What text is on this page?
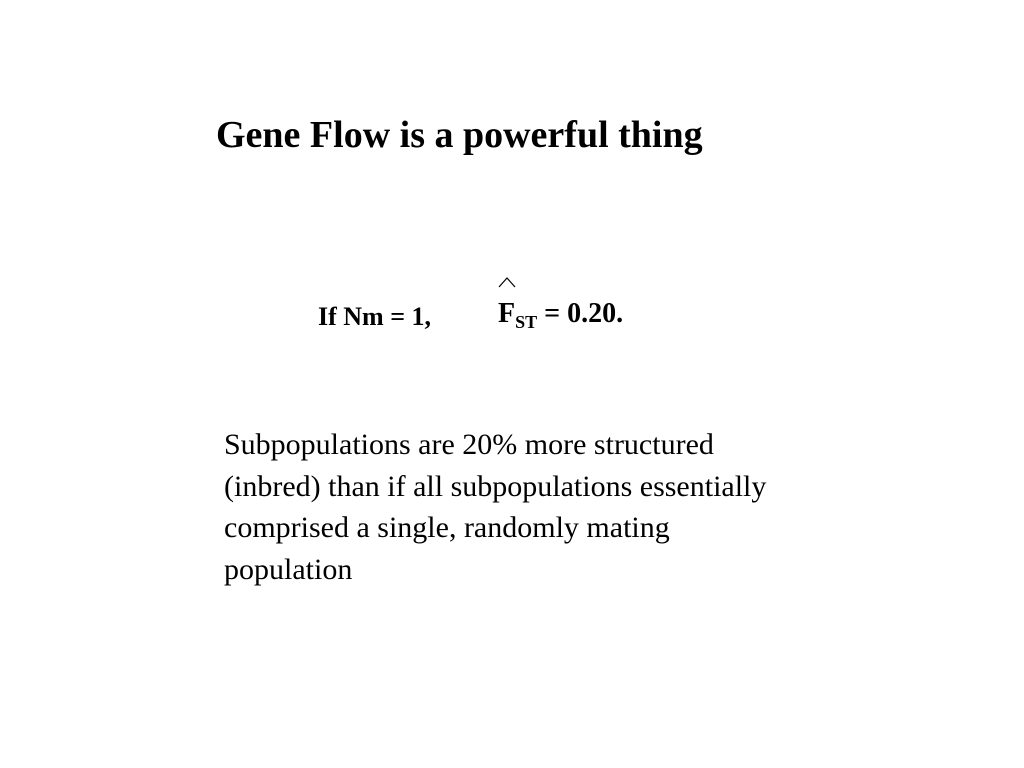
Gene Flow is a powerful thing
If Nm = 1, $F_{ST} = 0.20$.
Subpopulations are 20% more structured
(inbred) than if all subpopulations essentially
comprised a single, randomly mating
population
